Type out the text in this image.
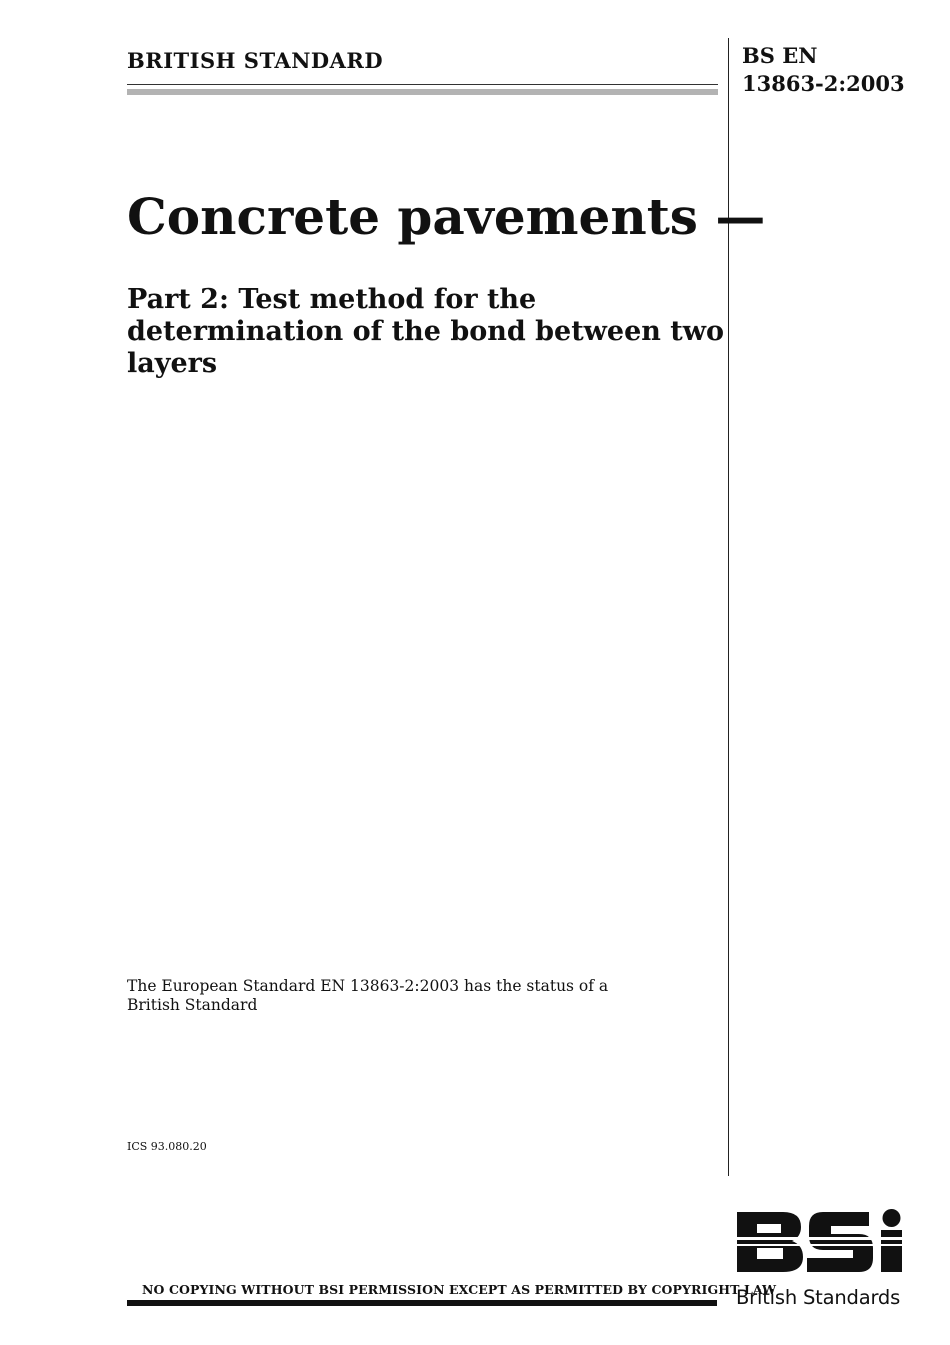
BRITISH STANDARD	BS EN
13863-2:2003
Concrete pavements —
Part 2: Test method for the determination of the bond between two layers
The European Standard EN 13863-2:2003 has the status of a British Standard
ICS 93.080.20
NO COPYING WITHOUT BSI PERMISSION EXCEPT AS PERMITTED BY COPYRIGHT LAW
British Standards
